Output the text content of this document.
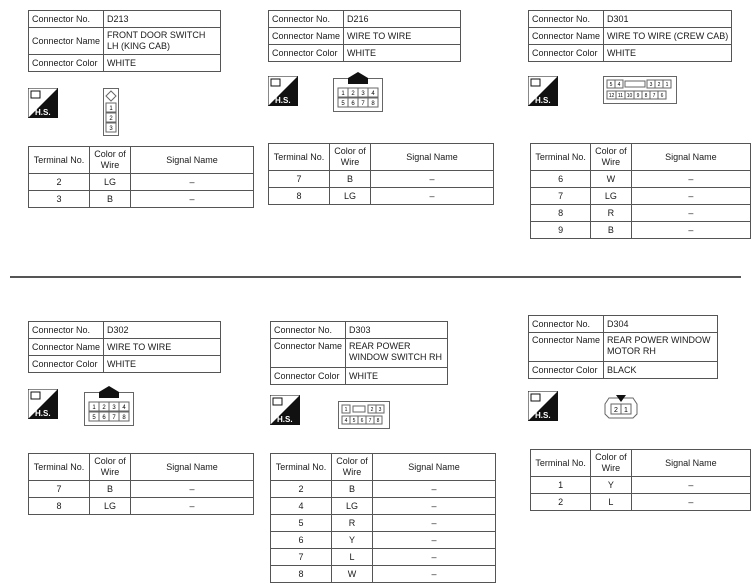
Connector No.	D213
Connector Name	FRONT DOOR SWITCH LH (KING CAB)
Connector Color	WHITE
H.S.	1
2
3
Terminal No.	Color of Wire	Signal Name
2	LG	–
3	B	–
Connector No.	D216
Connector Name	WIRE TO WIRE
Connector Color	WHITE
H.S.
1 2 3 4
5 6 7 8
Terminal No.	Color of Wire	Signal Name
7	B	–
8	LG	–
Connector No.	D301
Connector Name	WIRE TO WIRE (CREW CAB)
Connector Color	WHITE
H.S.
5 4	3 2 1
12 11 10 9 8 7 6
Terminal No.	Color of Wire	Signal Name
6	W	–
7	LG	–
8	R	–
9	B	–
Connector No.	D302
Connector Name	WIRE TO WIRE
Connector Color	WHITE
H.S.
1 2 3 4
5 6 7 8
Terminal No.	Color of Wire	Signal Name
7	B	–
8	LG	–
Connector No.	D303
Connector Name	REAR POWER WINDOW SWITCH RH
Connector Color	WHITE
H.S.
1	2 3
4 5 6 7 8
Terminal No.	Color of Wire	Signal Name
2	B	–
4	LG	–
5	R	–
6	Y	–
7	L	–
8	W	–
Connector No.	D304
Connector Name	REAR POWER WINDOW MOTOR RH
Connector Color	BLACK
H.S.
2 1
Terminal No.	Color of Wire	Signal Name
1	Y	–
2	L	–
